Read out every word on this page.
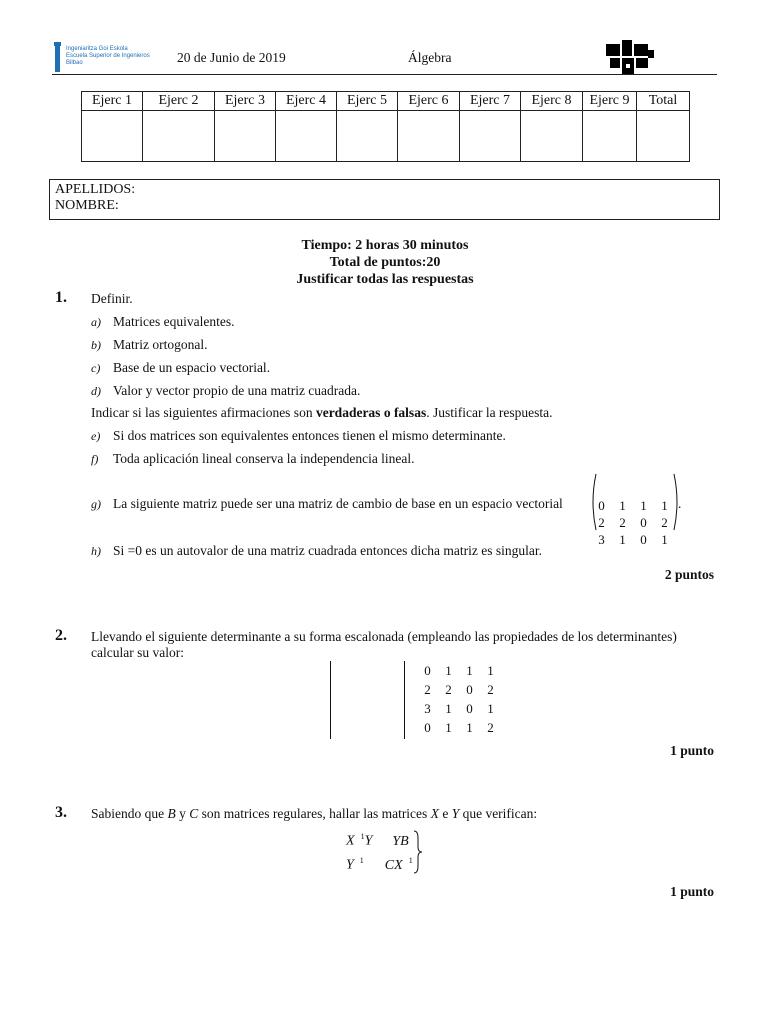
Ingeniaritza Goi Eskola
Escuela Superior de Ingenieros
Bilbao	20 de Junio de 2019	Álgebra
Ejerc 1	Ejerc 2	Ejerc 3	Ejerc 4	Ejerc 5	Ejerc 6	Ejerc 7	Ejerc 8	Ejerc 9	Total

APELLIDOS:
NOMBRE:
Tiempo: 2 horas 30 minutos
Total de puntos:20
Justificar todas las respuestas
1. Definir.
a) Matrices equivalentes.
b) Matriz ortogonal.
c) Base de un espacio vectorial.
d) Valor y vector propio de una matriz cuadrada.
Indicar si las siguientes afirmaciones son verdaderas o falsas. Justificar la respuesta.
e) Si dos matrices son equivalentes entonces tienen el mismo determinante.
f) Toda aplicación lineal conserva la independencia lineal.
g) La siguiente matriz puede ser una matriz de cambio de base en un espacio vectorial	0 1 1 1
2 2 0 2
3 1 0 1

.
h) Si =0 es un autovalor de una matriz cuadrada entonces dicha matriz es singular.
2 puntos
2. Llevando el siguiente determinante a su forma escalonada (empleando las propiedades de los determinantes)
calcular su valor:
0 1 1 1
2 2 0 2
3 1 0 1
0 1 1 2
1 punto
3. Sabiendo que B y C son matrices regulares, hallar las matrices X e Y que verifican:
X $^1$Y YB
Y $^1$ CX $^1$
1 punto
